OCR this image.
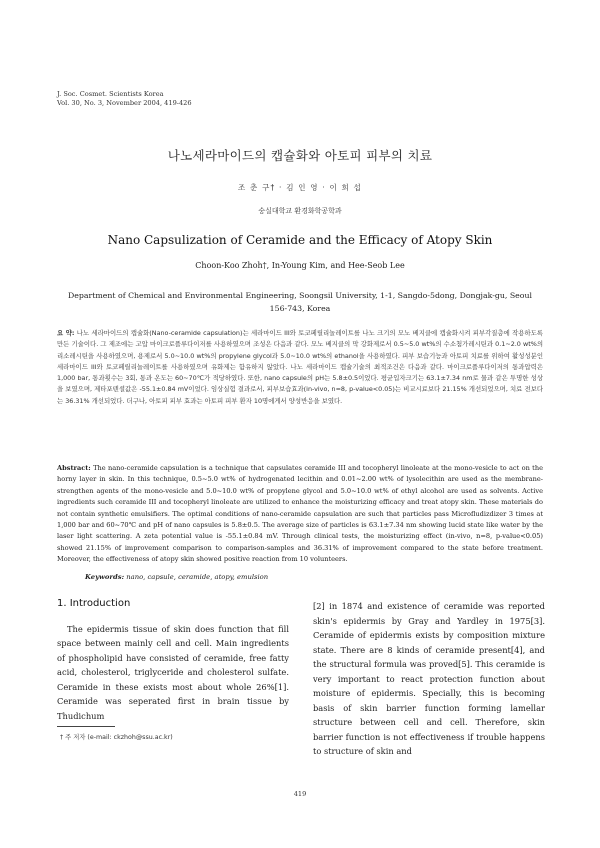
J. Soc. Cosmet. Scientists Korea
Vol. 30, No. 3, November 2004, 419-426
나노세라마이드의 캡슐화와 아토피 피부의 치료
조 춘 구† · 김 인 영 · 이 희 섭
숭실대학교 환경화학공학과
Nano Capsulization of Ceramide and the Efficacy of Atopy Skin
Choon-Koo Zhoh†, In-Young Kim, and Hee-Seob Lee
Department of Chemical and Environmental Engineering, Soongsil University, 1-1, Sangdo-5dong, Dongjak-gu, Seoul 156-743, Korea
요 약: 나노 세라마이드의 캡슐화(Nano-ceramide capsulation)는 세라마이드 III와 토코페릴리놀레이트를 나노 크기의 모노 베지클에 캡슐화시켜 피부각질층에 작용하도록 만든 기술이다. 그 제조에는 고압 마이크로플루다이저를 사용하였으며 조성은 다음과 같다. 모노 베지클의 막 강화제로서 0.5~5.0 wt%의 수소첨가레시틴과 0.1~2.0 wt%의 리소레시틴을 사용하였으며, 용제로서 5.0~10.0 wt%의 propylene glycol과 5.0~10.0 wt%의 ethanol을 사용하였다. 피부 보습기능과 아토피 치료를 위하여 활성성분인 세라마이드 III와 토코페릴리놀레이트를 사용하였으며 유화제는 함유하지 않았다. 나노 세라마이드 캡슐기술의 최적조건은 다음과 같다. 마이크로플루다이저의 통과압력은 1,000 bar, 통과횟수는 3회, 통과 온도는 60~70℃가 적당하였다. 또한, nano capsule의 pH는 5.8±0.5이었다. 평균입자크기는 63.1±7.34 nm로 물과 같은 투명한 성상을 보였으며, 제타포텐셜값은 -55.1±0.84 mV이었다. 임상실험 결과로서, 피부보습효과(in-vivo, n=8, p-value<0.05)는 비교시료보다 21.15% 개선되었으며, 치료 전보다는 36.31% 개선되었다. 더구나, 아토피 피부 효과는 아토피 피부 환자 10명에게서 양성반응을 보였다.
Abstract: The nano-ceramide capsulation is a technique that capsulates ceramide III and tocopheryl linoleate at the mono-vesicle to act on the horny layer in skin. In this technique, 0.5~5.0 wt% of hydrogenated lecithin and 0.01~2.00 wt% of lysolecithin are used as the membrane-strengthen agents of the mono-vesicle and 5.0~10.0 wt% of propylene glycol and 5.0~10.0 wt% of ethyl alcohol are used as solvents. Active ingredients such ceramide III and tocopheryl linoleate are utilized to enhance the moisturizing efficacy and treat atopy skin. These materials do not contain synthetic emulsifiers. The optimal conditions of nano-ceramide capsulation are such that particles pass Microfludizdizer 3 times at 1,000 bar and 60~70℃ and pH of nano capsules is 5.8±0.5. The average size of particles is 63.1±7.34 nm showing lucid state like water by the laser light scattering. A zeta potential value is -55.1±0.84 mV. Through clinical tests, the moisturizing effect (in-vivo, n=8, p-value<0.05) showed 21.15% of improvement comparison to comparison-samples and 36.31% of improvement compared to the state before treatment. Moreover, the effectiveness of atopy skin showed positive reaction from 10 volunteers.
Keywords: nano, capsule, ceramide, atopy, emulsion
1. Introduction

The epidermis tissue of skin does function that fill space between mainly cell and cell. Main ingredients of phospholipid have consisted of ceramide, free fatty acid, cholesterol, triglyceride and cholesterol sulfate. Ceramide in these exists most about whole 26%[1]. Ceramide was seperated first in brain tissue by Thudichum

[2] in 1874 and existence of ceramide was reported skin's epidermis by Gray and Yardley in 1975[3]. Ceramide of epidermis exists by composition mixture state. There are 8 kinds of ceramide present[4], and the structural formula was proved[5]. This ceramide is very important to react protection function about moisture of epidermis. Specially, this is becoming basis of skin barrier function forming lamellar structure between cell and cell. Therefore, skin barrier function is not effectiveness if trouble happens to structure of skin and

† 주 저자 (e-mail: ckzhoh@ssu.ac.kr)
419
